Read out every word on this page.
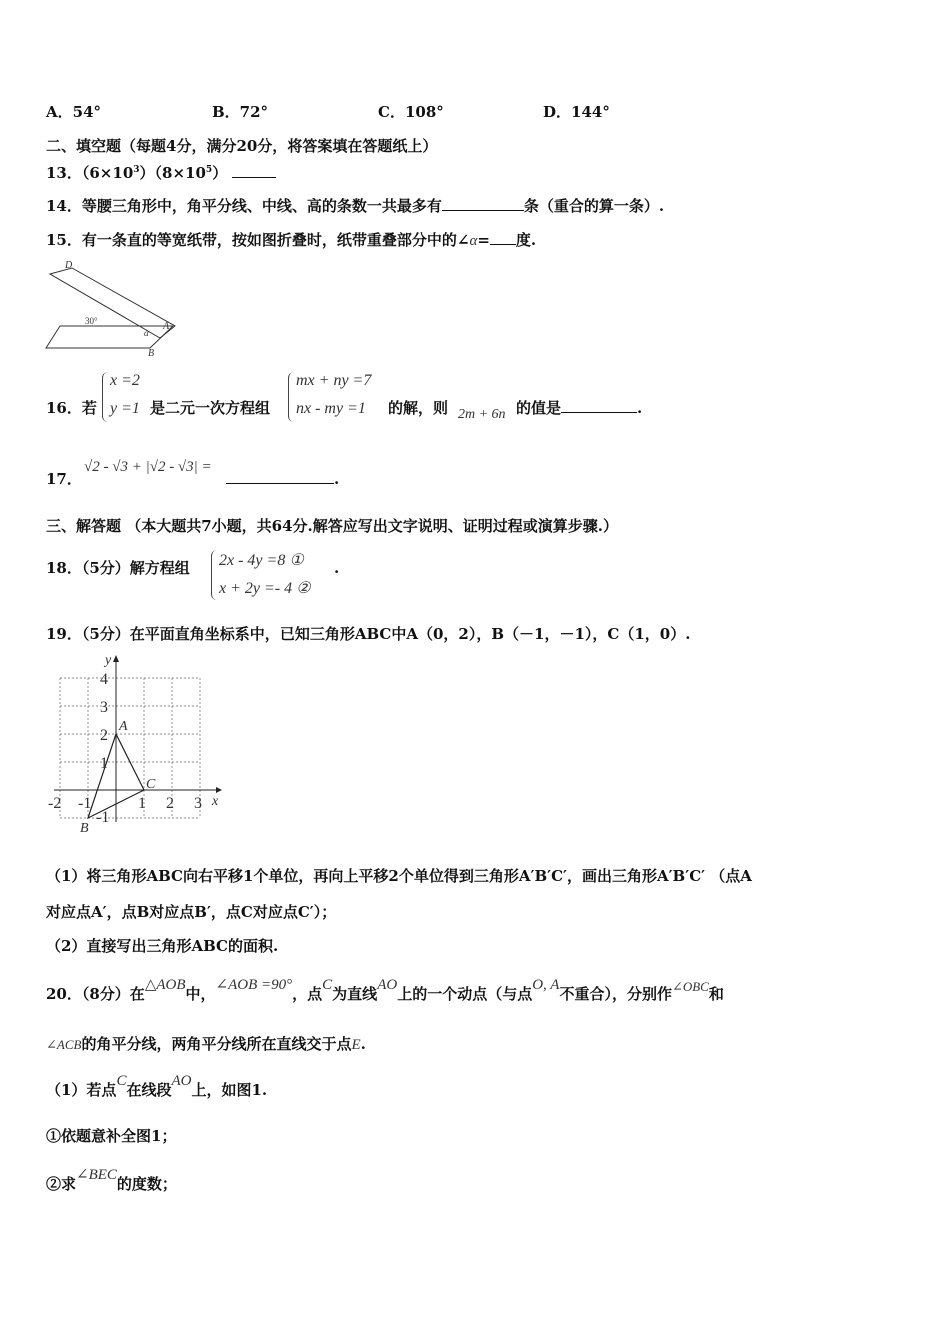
A．54°	B．72°	C．108°	D．144°
二、填空题（每题4分，满分20分，将答案填在答题纸上）
13．$(6\times 10^3)(8\times 10^5)$
14．等腰三角形中，角平分线、中线、高的条数一共最多有	条（重合的算一条）.
15．有一条直的等宽纸带，按如图折叠时，纸带重叠部分中的∠α= 度.
D
30°
α
A
B
16．若
x =2
y =1 是二元一次方程组
mx + ny =7
nx - my =1 的解，则 2m + 6n 的值是	.
17．
√2 - √3 + |√2 - √3| =
.
三、解答题 （本大题共7小题，共64分.解答应写出文字说明、证明过程或演算步骤.）
18．（5分）解方程组 2x - 4y =8 ①
x + 2y =- 4 ②
.
19．（5分）在平面直角坐标系中，已知三角形ABC中A（0，2），B（－1，－1），C（1，0）.
y
x
-2 -1	1 2 3
4
3
2
1
-1
A
B
C
（1）将三角形ABC向右平移1个单位，再向上平移2个单位得到三角形A′B′C′，画出三角形A′B′C′ （点A
对应点A′，点B对应点B′，点C对应点C′）；
（2）直接写出三角形ABC的面积.
20．（8分）在△AOB中，∠AOB =90°，点C为直线AO上的一个动点（与点O, A不重合），分别作∠OBC和
∠ACB的角平分线，两角平分线所在直线交于点E.
（1）若点C在线段AO上，如图1.
①依题意补全图1；
②求∠BEC的度数；
